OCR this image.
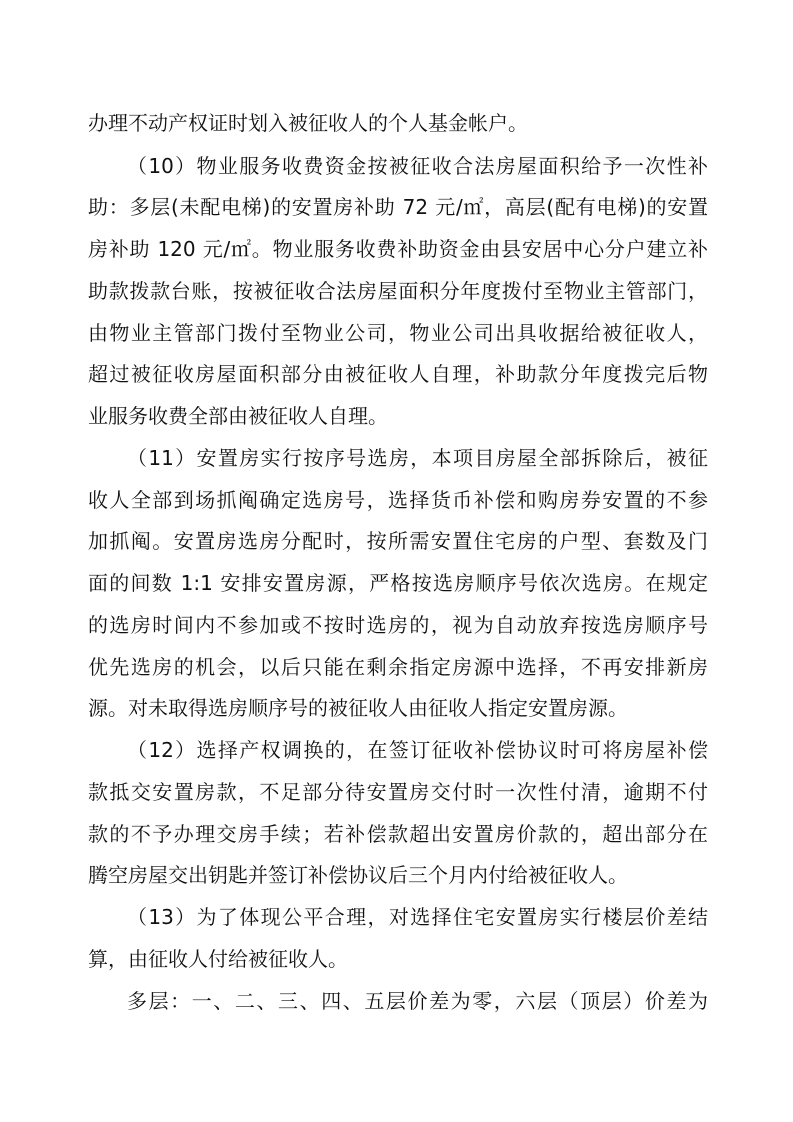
办理不动产权证时划入被征收人的个人基金帐户。
（10）物业服务收费资金按被征收合法房屋面积给予一次性补
助：多层(未配电梯)的安置房补助 72 元/㎡，高层(配有电梯)的安置
房补助 120 元/㎡。物业服务收费补助资金由县安居中心分户建立补
助款拨款台账，按被征收合法房屋面积分年度拨付至物业主管部门，
由物业主管部门拨付至物业公司，物业公司出具收据给被征收人，
超过被征收房屋面积部分由被征收人自理，补助款分年度拨完后物
业服务收费全部由被征收人自理。
（11）安置房实行按序号选房，本项目房屋全部拆除后，被征
收人全部到场抓阄确定选房号，选择货币补偿和购房券安置的不参
加抓阄。安置房选房分配时，按所需安置住宅房的户型、套数及门
面的间数 1:1 安排安置房源，严格按选房顺序号依次选房。在规定
的选房时间内不参加或不按时选房的，视为自动放弃按选房顺序号
优先选房的机会，以后只能在剩余指定房源中选择，不再安排新房
源。对未取得选房顺序号的被征收人由征收人指定安置房源。
（12）选择产权调换的，在签订征收补偿协议时可将房屋补偿
款抵交安置房款，不足部分待安置房交付时一次性付清，逾期不付
款的不予办理交房手续；若补偿款超出安置房价款的，超出部分在
腾空房屋交出钥匙并签订补偿协议后三个月内付给被征收人。
（13）为了体现公平合理，对选择住宅安置房实行楼层价差结
算，由征收人付给被征收人。
多层：一、二、三、四、五层价差为零，六层（顶层）价差为
